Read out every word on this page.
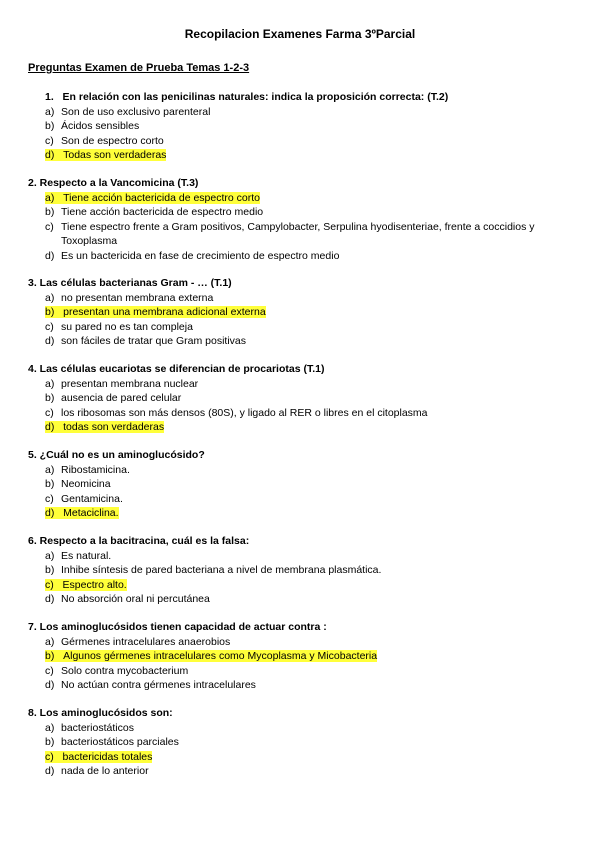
Recopilacion Examenes Farma 3ºParcial
Preguntas Examen de Prueba Temas 1-2-3
1. En relación con las penicilinas naturales: indica la proposición correcta: (T.2)
a) Son de uso exclusivo parenteral
b) Ácidos sensibles
c) Son de espectro corto
d) Todas son verdaderas
2. Respecto a la Vancomicina (T.3)
a) Tiene acción bactericida de espectro corto
b) Tiene acción bactericida de espectro medio
c) Tiene espectro frente a Gram positivos, Campylobacter, Serpulina hyodisenteriae, frente a coccidios y
Toxoplasma
d) Es un bactericida en fase de crecimiento de espectro medio
3. Las células bacterianas Gram - … (T.1)
a) no presentan membrana externa
b) presentan una membrana adicional externa
c) su pared no es tan compleja
d) son fáciles de tratar que Gram positivas
4. Las células eucariotas se diferencian de procariotas (T.1)
a) presentan membrana nuclear
b) ausencia de pared celular
c) los ribosomas son más densos (80S), y ligado al RER o libres en el citoplasma
d) todas son verdaderas
5. ¿Cuál no es un aminoglucósido?
a) Ribostamicina.
b) Neomicina
c) Gentamicina.
d) Metaciclina.
6. Respecto a la bacitracina, cuál es la falsa:
a) Es natural.
b) Inhibe síntesis de pared bacteriana a nivel de membrana plasmática.
c) Espectro alto.
d) No absorción oral ni percutánea
7. Los aminoglucósidos tienen capacidad de actuar contra :
a) Gérmenes intracelulares anaerobios
b) Algunos gérmenes intracelulares como Mycoplasma y Micobacteria
c) Solo contra mycobacterium
d) No actúan contra gérmenes intracelulares
8. Los aminoglucósidos son:
a) bacteriostáticos
b) bacteriostáticos parciales
c) bactericidas totales
d) nada de lo anterior
